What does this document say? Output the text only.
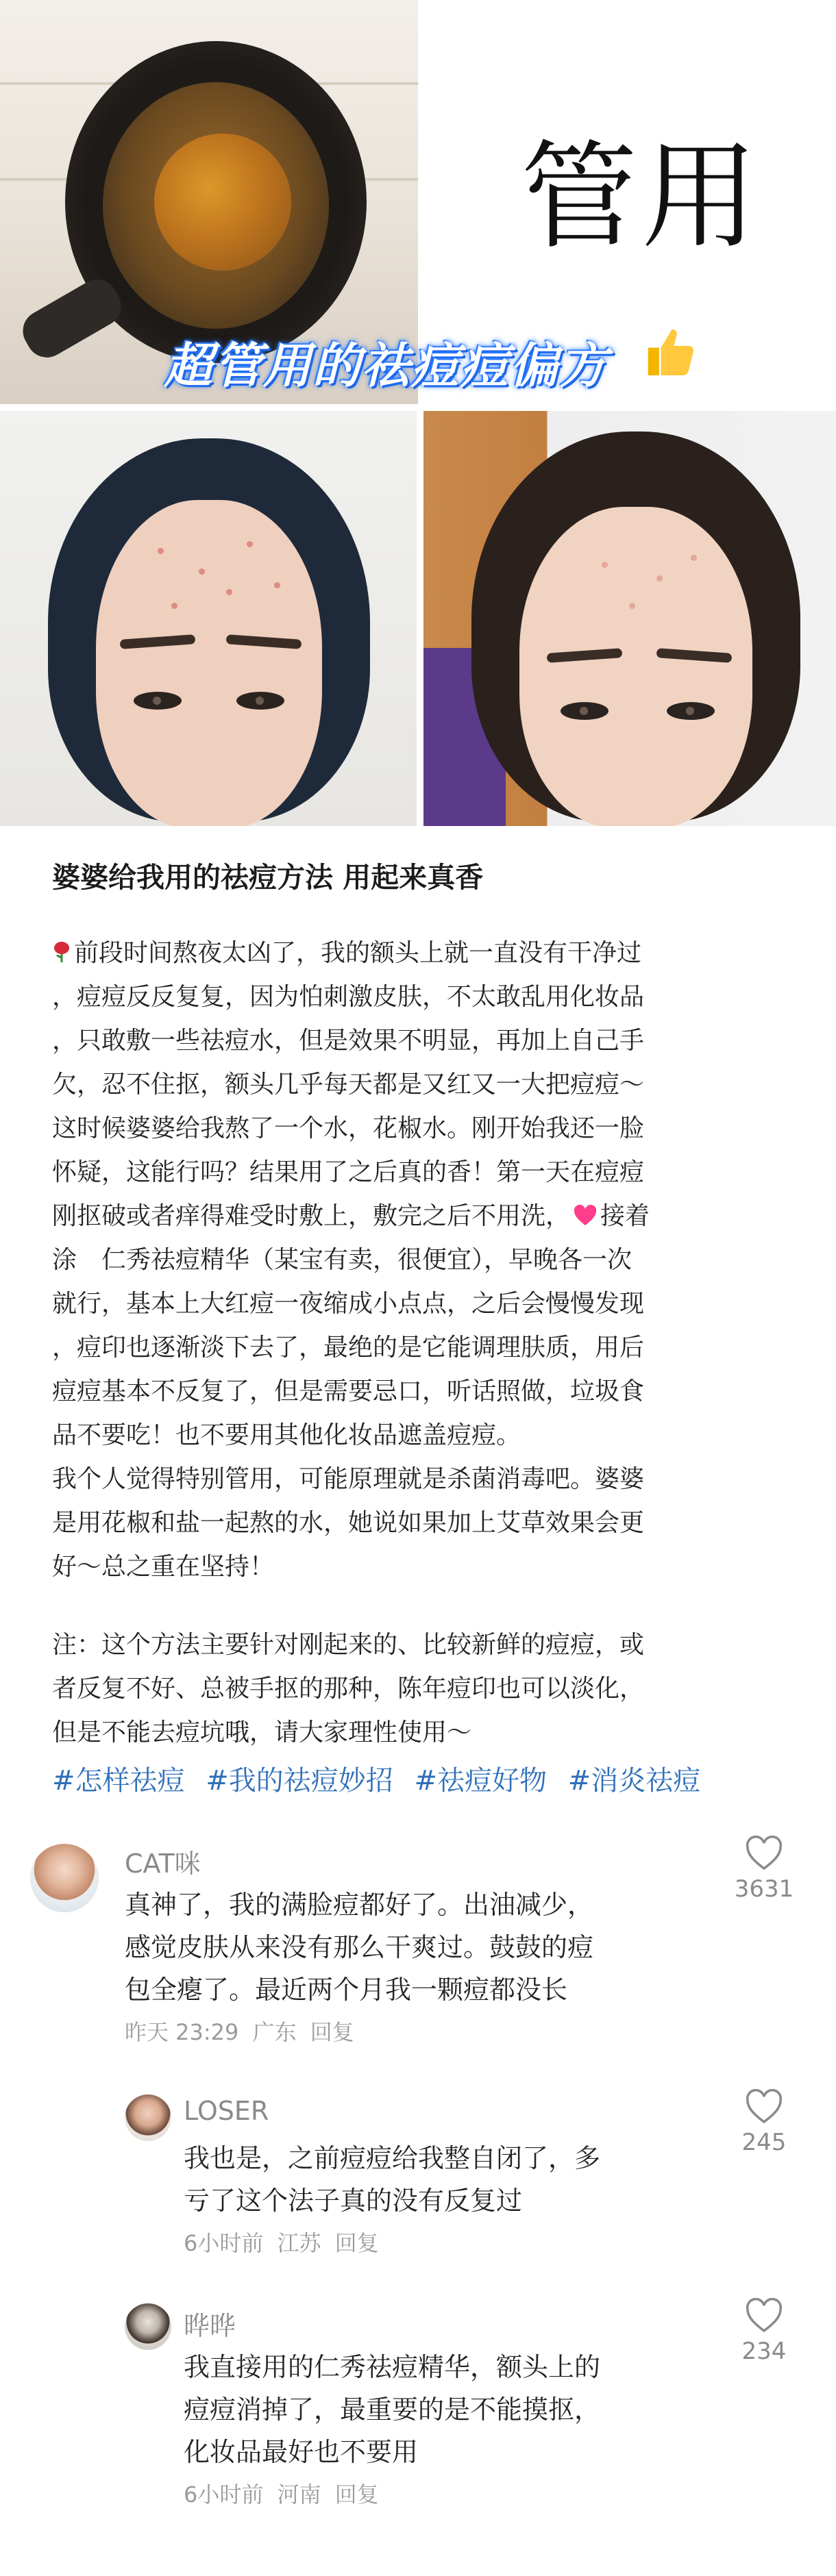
管用
超管用的祛痘痘偏方
婆婆给我用的祛痘方法 用起来真香
前段时间熬夜太凶了，我的额头上就一直没有干净过
，痘痘反反复复，因为怕刺激皮肤，不太敢乱用化妆品
，只敢敷一些祛痘水，但是效果不明显，再加上自己手
欠，忍不住抠，额头几乎每天都是又红又一大把痘痘～
这时候婆婆给我熬了一个水，花椒水。刚开始我还一脸
怀疑，这能行吗？结果用了之后真的香！第一天在痘痘
刚抠破或者痒得难受时敷上，敷完之后不用洗， 接着
涂　仁秀祛痘精华（某宝有卖，很便宜），早晚各一次
就行，基本上大红痘一夜缩成小点点，之后会慢慢发现
，痘印也逐渐淡下去了，最绝的是它能调理肤质，用后
痘痘基本不反复了，但是需要忌口，听话照做，垃圾食
品不要吃！也不要用其他化妆品遮盖痘痘。
我个人觉得特别管用，可能原理就是杀菌消毒吧。婆婆
是用花椒和盐一起熬的水，她说如果加上艾草效果会更
好～总之重在坚持！
注：这个方法主要针对刚起来的、比较新鲜的痘痘，或
者反复不好、总被手抠的那种，陈年痘印也可以淡化，
但是不能去痘坑哦，请大家理性使用～
#怎样祛痘 #我的祛痘妙招 #祛痘好物 #消炎祛痘
CAT咪
真神了，我的满脸痘都好了。出油减少，
感觉皮肤从来没有那么干爽过。鼓鼓的痘
包全瘪了。最近两个月我一颗痘都没长
昨天 23:29 广东 回复
3631
LOSER
我也是，之前痘痘给我整自闭了，多
亏了这个法子真的没有反复过
6小时前 江苏 回复
245
晔晔
我直接用的仁秀祛痘精华，额头上的
痘痘消掉了，最重要的是不能摸抠，
化妆品最好也不要用
6小时前 河南 回复
234
